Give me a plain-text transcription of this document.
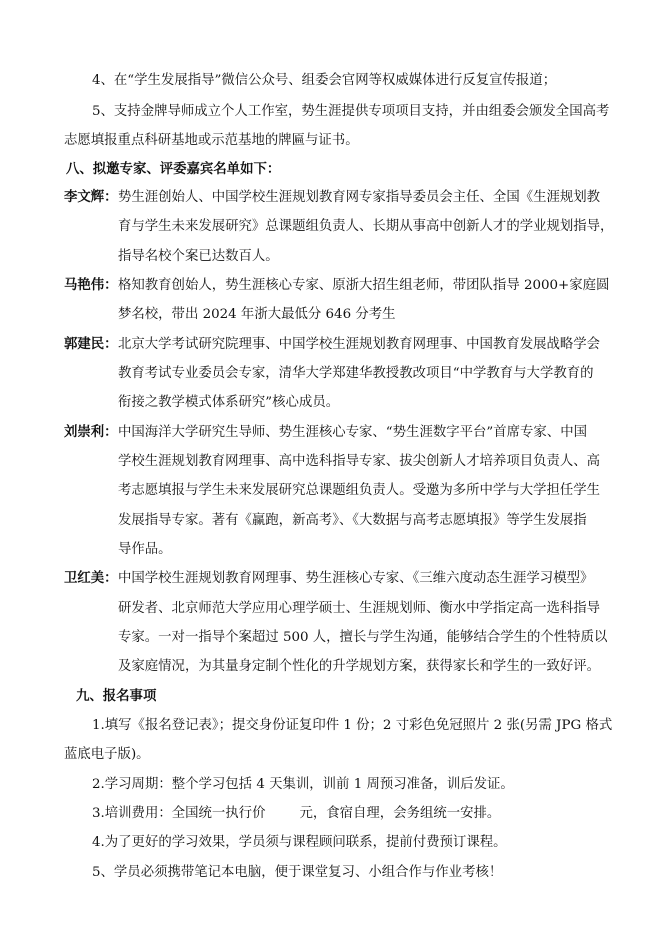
4、在“学生发展指导”微信公众号、组委会官网等权威媒体进行反复宣传报道；
5、支持金牌导师成立个人工作室，势生涯提供专项项目支持，并由组委会颁发全国高考
志愿填报重点科研基地或示范基地的牌匾与证书。
八、拟邀专家、评委嘉宾名单如下：
李文辉： 势生涯创始人、中国学校生涯规划教育网专家指导委员会主任、全国《生涯规划教
育与学生未来发展研究》总课题组负责人、长期从事高中创新人才的学业规划指导，
指导名校个案已达数百人。
马艳伟： 格知教育创始人，势生涯核心专家、原浙大招生组老师，带团队指导 2000+家庭圆
梦名校，带出 2024 年浙大最低分 646 分考生
郭建民： 北京大学考试研究院理事、中国学校生涯规划教育网理事、中国教育发展战略学会
教育考试专业委员会专家，清华大学郑建华教授教改项目“中学教育与大学教育的
衔接之教学模式体系研究”核心成员。
刘崇利： 中国海洋大学研究生导师、势生涯核心专家、“势生涯数字平台”首席专家、中国
学校生涯规划教育网理事、高中选科指导专家、拔尖创新人才培养项目负责人、高
考志愿填报与学生未来发展研究总课题组负责人。受邀为多所中学与大学担任学生
发展指导专家。著有《赢跑，新高考》、《大数据与高考志愿填报》等学生发展指
导作品。
卫红美： 中国学校生涯规划教育网理事、势生涯核心专家、《三维六度动态生涯学习模型》
研发者、北京师范大学应用心理学硕士、生涯规划师、衡水中学指定高一选科指导
专家。一对一指导个案超过 500 人，擅长与学生沟通，能够结合学生的个性特质以
及家庭情况，为其量身定制个性化的升学规划方案，获得家长和学生的一致好评。
九、报名事项
1.填写《报名登记表》；提交身份证复印件 1 份；2 寸彩色免冠照片 2 张(另需 JPG 格式
蓝底电子版)。
2.学习周期：整个学习包括 4 天集训，训前 1 周预习准备，训后发证。
3.培训费用：全国统一执行价	元，食宿自理，会务组统一安排。
4.为了更好的学习效果，学员须与课程顾问联系，提前付费预订课程。
5、学员必须携带笔记本电脑，便于课堂复习、小组合作与作业考核！
